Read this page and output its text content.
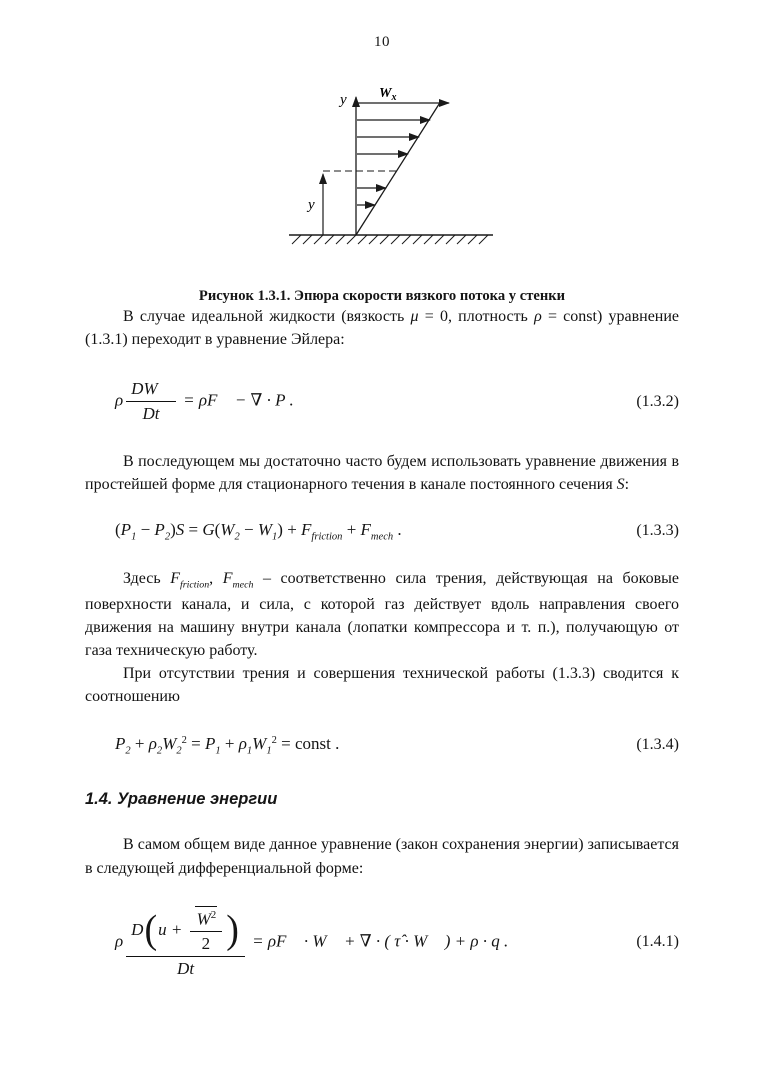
10
y $W_x$
y
Рисунок 1.3.1. Эпюра скорости вязкого потока у стенки

В случае идеальной жидкости (вязкость μ = 0, плотность ρ = const) уравнение (1.3.1) переходит в уравнение Эйлера:

ρ $\frac{DW⃗}{Dt}$ = ρF⃗ − ∇ · P .	(1.3.2)

В последующем мы достаточно часто будем использовать уравнение движения в простейшей форме для стационарного течения в канале постоянного сечения S:

$(P_1 - P_2)S = G(W_2 - W_1) + F_{friction} + F_{mech}$ .	(1.3.3)

Здесь $F_{friction}$, $F_{mech}$ – соответственно сила трения, действующая на боковые поверхности канала, и сила, с которой газ действует вдоль направления своего движения на машину внутри канала (лопатки компрессора и т. п.), получающую от газа техническую работу.

При отсутствии трения и совершения технической работы (1.3.3) сводится к соотношению

$P_2 + \rho_2W_2^2 = P_1 + \rho_1W_1^2$ = const .	(1.3.4)
1.4. Уравнение энергии

В самом общем виде данное уравнение (закон сохранения энергии) записывается в следующей дифференциальной форме:

ρ D ( u +
$\frac{W^2}{2}$ )
Dt = ρF⃗ · W⃗ + ∇ · ( τ̂ · W⃗ ) + ρ · q .	(1.4.1)
